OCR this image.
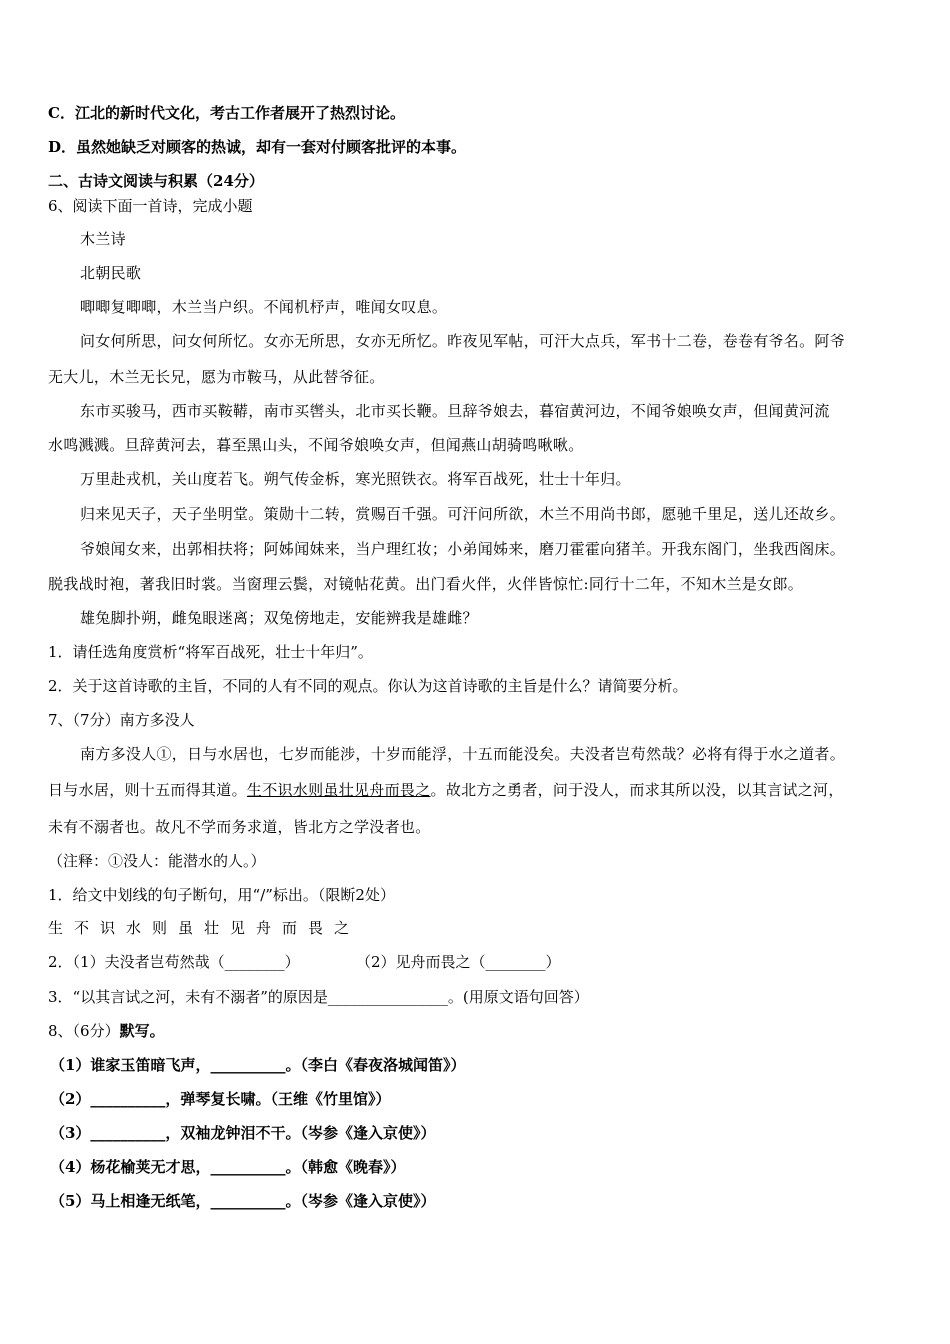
C．江北的新时代文化，考古工作者展开了热烈讨论。
D．虽然她缺乏对顾客的热诚，却有一套对付顾客批评的本事。
二、古诗文阅读与积累（24分）
6、阅读下面一首诗，完成小题
木兰诗
北朝民歌
唧唧复唧唧，木兰当户织。不闻机杼声，唯闻女叹息。
问女何所思，问女何所忆。女亦无所思，女亦无所忆。昨夜见军帖，可汗大点兵，军书十二卷，卷卷有爷名。阿爷
无大儿，木兰无长兄，愿为市鞍马，从此替爷征。
东市买骏马，西市买鞍鞯，南市买辔头，北市买长鞭。旦辞爷娘去，暮宿黄河边，不闻爷娘唤女声，但闻黄河流
水鸣溅溅。旦辞黄河去，暮至黑山头，不闻爷娘唤女声，但闻燕山胡骑鸣啾啾。
万里赴戎机，关山度若飞。朔气传金柝，寒光照铁衣。将军百战死，壮士十年归。
归来见天子，天子坐明堂。策勋十二转，赏赐百千强。可汗问所欲，木兰不用尚书郎，愿驰千里足，送儿还故乡。
爷娘闻女来，出郭相扶将；阿姊闻妹来，当户理红妆；小弟闻姊来，磨刀霍霍向猪羊。开我东阁门，坐我西阁床。
脱我战时袍，著我旧时裳。当窗理云鬓，对镜帖花黄。出门看火伴，火伴皆惊忙:同行十二年，不知木兰是女郎。
雄兔脚扑朔，雌兔眼迷离；双兔傍地走，安能辨我是雄雌？
1．请任选角度赏析“将军百战死，壮士十年归”。
2．关于这首诗歌的主旨，不同的人有不同的观点。你认为这首诗歌的主旨是什么？请简要分析。
7、（7分）南方多没人
南方多没人①，日与水居也，七岁而能涉，十岁而能浮，十五而能没矣。夫没者岂苟然哉？必将有得于水之道者。
日与水居，则十五而得其道。生不识水则虽壮见舟而畏之。故北方之勇者，问于没人，而求其所以没，以其言试之河，
未有不溺者也。故凡不学而务求道，皆北方之学没者也。
（注释：①没人：能潜水的人。）
1．给文中划线的句子断句，用“/”标出。（限断2处）
生不识水则虽壮见舟而畏之
2．（1）夫没者岂苟然哉（________）	（2）见舟而畏之（________）
3．“以其言试之河，未有不溺者”的原因是________________。(用原文语句回答）
8、（6分）默写。
（1）谁家玉笛暗飞声，__________。（李白《春夜洛城闻笛》）
（2）__________，弹琴复长啸。（王维《竹里馆》）
（3）__________，双袖龙钟泪不干。（岑参《逢入京使》）
（4）杨花榆荚无才思，__________。（韩愈《晚春》）
（5）马上相逢无纸笔，__________。（岑参《逢入京使》）
